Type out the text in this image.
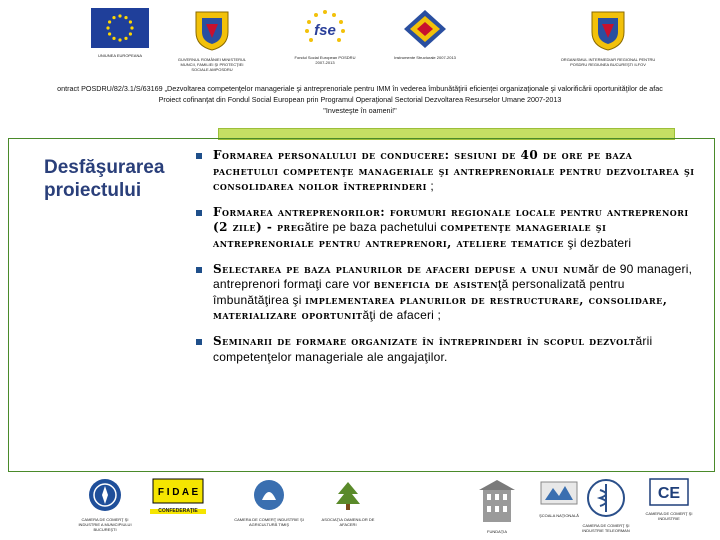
UNIUNEA EUROPEANA
GUVERNUL ROMÂNIEI MINISTERUL MUNCII, FAMILIEI ŞI PROTECŢIEI SOCIALE AMPOSDRU
fse
Fondul Social European POSDRU 2007-2013
Instrumente Structurale 2007-2013	ORGANISMUL INTERMEDIAR REGIONAL PENTRU POSDRU REGIUNEA BUCUREŞTI ILFOV
ontract POSDRU/82/3.1/S/63169 „Dezvoltarea competenţelor manageriale şi antreprenoriale pentru IMM în vederea îmbunătăţirii eficienţei organizaţionale şi valorificării oportunităţilor de afac
Proiect cofinanţat din Fondul Social European prin Programul Operaţional Sectorial Dezvoltarea Resurselor Umane 2007-2013
"Investeşte în oameni!"
Desfăşurarea proiectului
Formarea personalului de conducere: sesiuni de 40 de ore pe baza pachetului competenţe manageriale şi antreprenoriale pentru dezvoltarea şi consolidarea noilor întreprinderi ;
Formarea antreprenorilor: forumuri regionale locale pentru antreprenori (2 zile) - pregătire pe baza pachetului competenţe manageriale şi antreprenoriale pentru antreprenori, ateliere tematice şi dezbateri
Selectarea pe baza planurilor de afaceri depuse a unui număr de 90 manageri, antreprenori formaţi care vor beneficia de asistenţă personalizată pentru îmbunătăţirea şi implementarea planurilor de restructurare, consolidare, materializare oportunităţi de afaceri ;
Seminarii de formare organizate în întreprinderi în scopul dezvoltării competenţelor manageriale ale angajaţilor.
CAMERA DE COMERŢ ŞI INDUSTRIE A MUNICIPIULUI BUCUREŞTI
F I D A E
CONFEDERAŢIE
CAMERA DE COMERŢ INDUSTRIE ŞI AGRICULTURĂ TIMIŞ
ASOCIAŢIA OAMENILOR DE AFACERI
FUNDAŢIA
ŞCOALA NAŢIONALĂ
CAMERA DE COMERŢ ŞI INDUSTRIE TELEORMAN
CE
CAMERA DE COMERŢ ŞI INDUSTRIE
